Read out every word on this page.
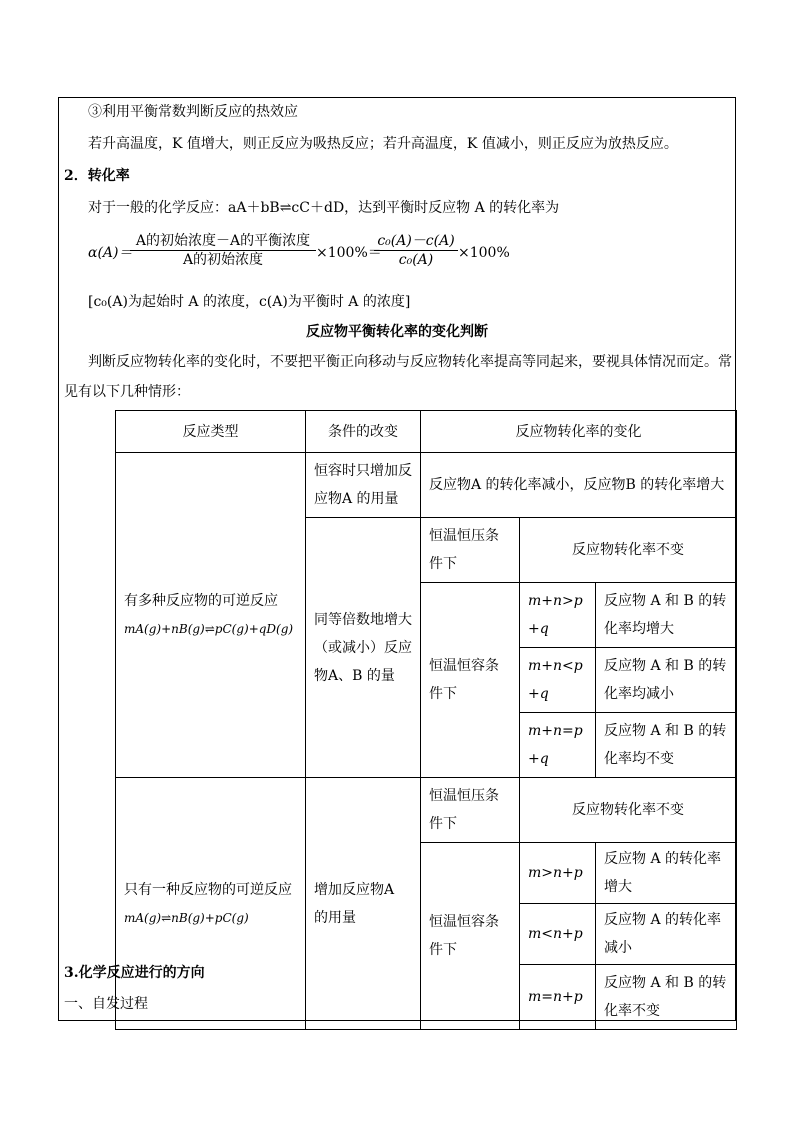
③利用平衡常数判断反应的热效应
若升高温度，K 值增大，则正反应为吸热反应；若升高温度，K 值减小，则正反应为放热反应。
2．转化率
对于一般的化学反应：aA＋bB⇌cC＋dD，达到平衡时反应物 A 的转化率为
α(A)＝
A的初始浓度－A的平衡浓度
A的初始浓度	×100%＝
c₀(A)－c(A)
c₀(A)	×100%
[c₀(A)为起始时 A 的浓度，c(A)为平衡时 A 的浓度]
反应物平衡转化率的变化判断
判断反应物转化率的变化时，不要把平衡正向移动与反应物转化率提高等同起来，要视具体情况而定。常
见有以下几种情形：
反应类型	条件的改变	反应物转化率的变化		

有多种反应物的可逆反应
mA(g)+nB(g)⇌pC(g)+qD(g)	恒容时只增加反应物A 的用量	反应物A 的转化率减小，反应物B 的转化率增大		
	同等倍数地增大（或减小）反应物A、B 的量	恒温恒压条件下	反应物转化率不变	
		恒温恒容条件下	m+n>p+q	反应物 A 和 B 的转化率均增大
			m+n<p+q	反应物 A 和 B 的转化率均减小
			m+n=p+q	反应物 A 和 B 的转化率均不变

只有一种反应物的可逆反应
mA(g)⇌nB(g)+pC(g)	增加反应物A 的用量	恒温恒压条件下	反应物转化率不变	
		恒温恒容条件下	m>n+p	反应物 A 的转化率增大
			m<n+p	反应物 A 的转化率减小
			m=n+p	反应物 A 和 B 的转化率不变
3.化学反应进行的方向
一、自发过程
